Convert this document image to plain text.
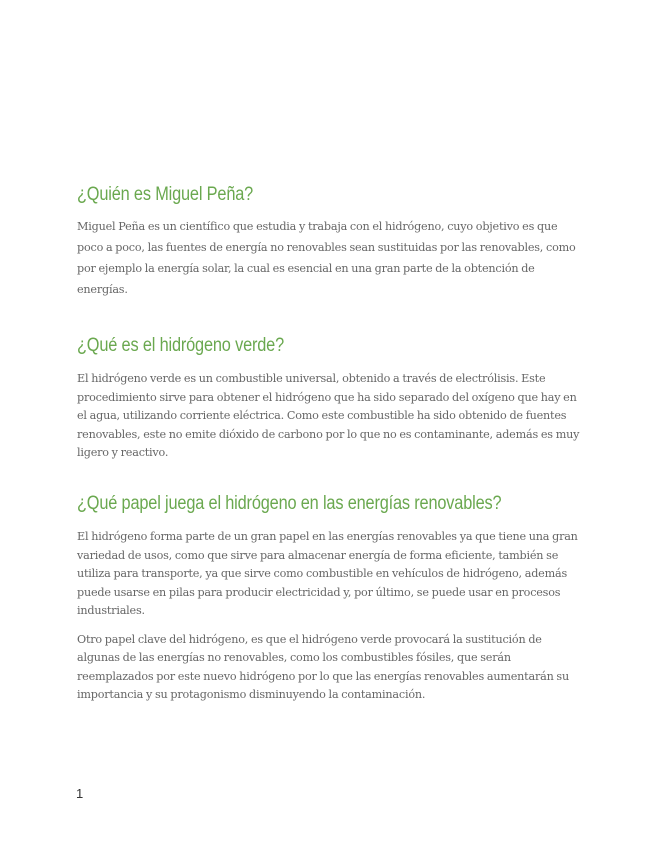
¿Quién es Miguel Peña?

Miguel Peña es un científico que estudia y trabaja con el hidrógeno, cuyo objetivo es que poco a poco, las fuentes de energía no renovables sean sustituidas por las renovables, como por ejemplo la energía solar, la cual es esencial en una gran parte de la obtención de energías.

¿Qué es el hidrógeno verde?

El hidrógeno verde es un combustible universal, obtenido a través de electrólisis. Este procedimiento sirve para obtener el hidrógeno que ha sido separado del oxígeno que hay en el agua, utilizando corriente eléctrica. Como este combustible ha sido obtenido de fuentes renovables, este no emite dióxido de carbono por lo que no es contaminante, además es muy ligero y reactivo.

¿Qué papel juega el hidrógeno en las energías renovables?

El hidrógeno forma parte de un gran papel en las energías renovables ya que tiene una gran variedad de usos, como que sirve para almacenar energía de forma eficiente, también se utiliza para transporte, ya que sirve como combustible en vehículos de hidrógeno, además puede usarse en pilas para producir electricidad y, por último, se puede usar en procesos industriales.

Otro papel clave del hidrógeno, es que el hidrógeno verde provocará la sustitución de algunas de las energías no renovables, como los combustibles fósiles, que serán reemplazados por este nuevo hidrógeno por lo que las energías renovables aumentarán su importancia y su protagonismo disminuyendo la contaminación.

1
